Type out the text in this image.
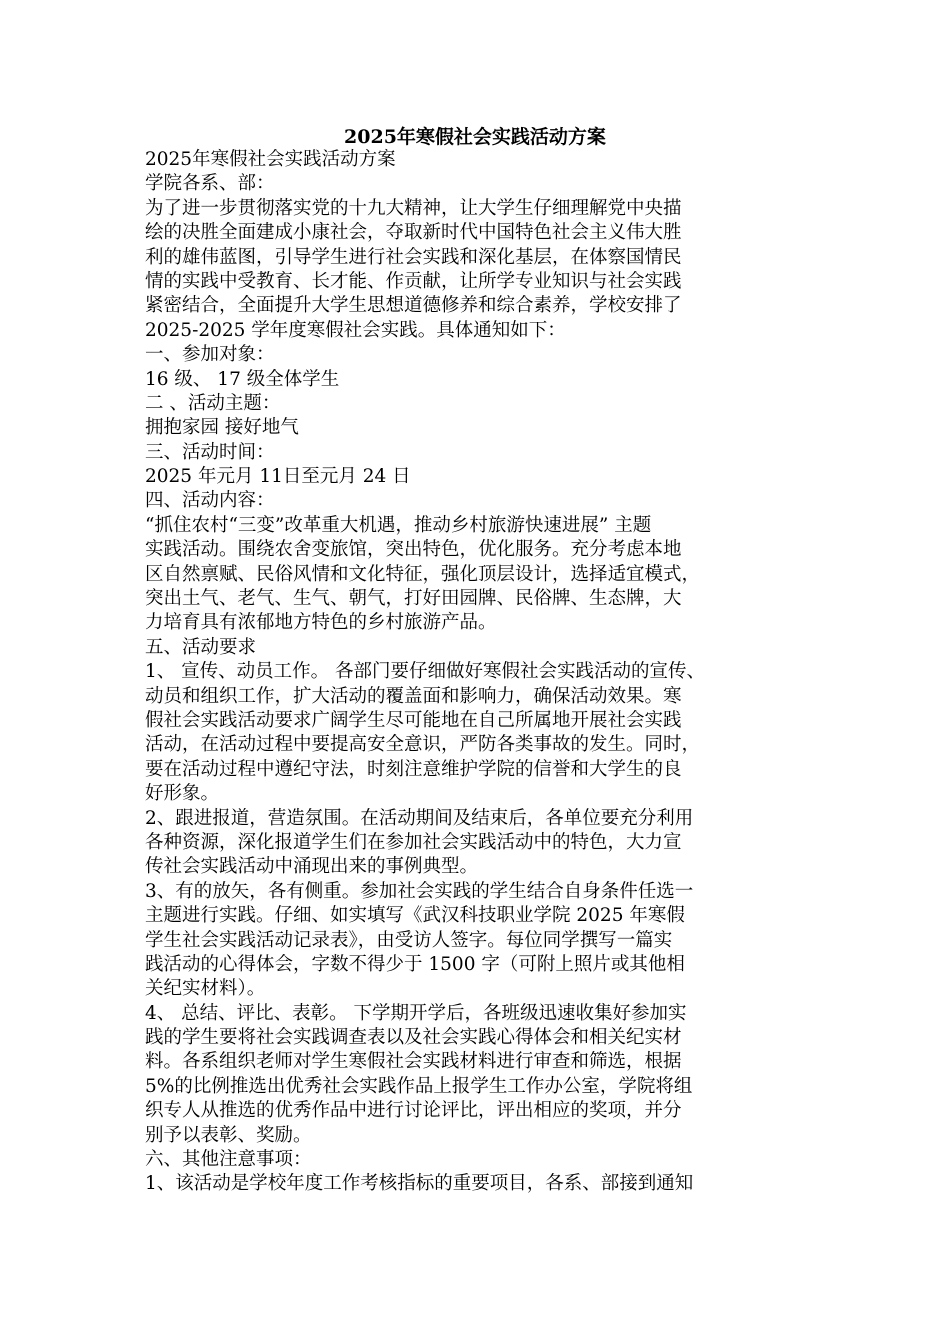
2025年寒假社会实践活动方案
2025年寒假社会实践活动方案
学院各系、部：
为了进一步贯彻落实党的十九大精神，让大学生仔细理解党中央描
绘的决胜全面建成小康社会，夺取新时代中国特色社会主义伟大胜
利的雄伟蓝图，引导学生进行社会实践和深化基层，在体察国情民
情的实践中受教育、长才能、作贡献，让所学专业知识与社会实践
紧密结合，全面提升大学生思想道德修养和综合素养，学校安排了
2025-2025 学年度寒假社会实践。具体通知如下：
一、参加对象：
16 级、 17 级全体学生
二 、活动主题：
拥抱家园 接好地气
三、活动时间：
2025 年元月 11日至元月 24 日
四、活动内容：
“抓住农村“三变”改革重大机遇，推动乡村旅游快速进展” 主题
实践活动。围绕农舍变旅馆，突出特色，优化服务。充分考虑本地
区自然禀赋、民俗风情和文化特征，强化顶层设计，选择适宜模式，
突出土气、老气、生气、朝气，打好田园牌、民俗牌、生态牌，大
力培育具有浓郁地方特色的乡村旅游产品。
五、活动要求
1、 宣传、动员工作。 各部门要仔细做好寒假社会实践活动的宣传、
动员和组织工作，扩大活动的覆盖面和影响力，确保活动效果。寒
假社会实践活动要求广阔学生尽可能地在自己所属地开展社会实践
活动，在活动过程中要提高安全意识，严防各类事故的发生。同时，
要在活动过程中遵纪守法，时刻注意维护学院的信誉和大学生的良
好形象。
2、跟进报道，营造氛围。在活动期间及结束后，各单位要充分利用
各种资源，深化报道学生们在参加社会实践活动中的特色，大力宣
传社会实践活动中涌现出来的事例典型。
3、有的放矢，各有侧重。参加社会实践的学生结合自身条件任选一
主题进行实践。仔细、如实填写《武汉科技职业学院 2025 年寒假
学生社会实践活动记录表》，由受访人签字。每位同学撰写一篇实
践活动的心得体会，字数不得少于 1500 字（可附上照片或其他相
关纪实材料）。
4、 总结、评比、表彰。 下学期开学后，各班级迅速收集好参加实
践的学生要将社会实践调查表以及社会实践心得体会和相关纪实材
料。各系组织老师对学生寒假社会实践材料进行审查和筛选，根据
5%的比例推选出优秀社会实践作品上报学生工作办公室，学院将组
织专人从推选的优秀作品中进行讨论评比，评出相应的奖项，并分
别予以表彰、奖励。
六、其他注意事项：
1、该活动是学校年度工作考核指标的重要项目，各系、部接到通知
